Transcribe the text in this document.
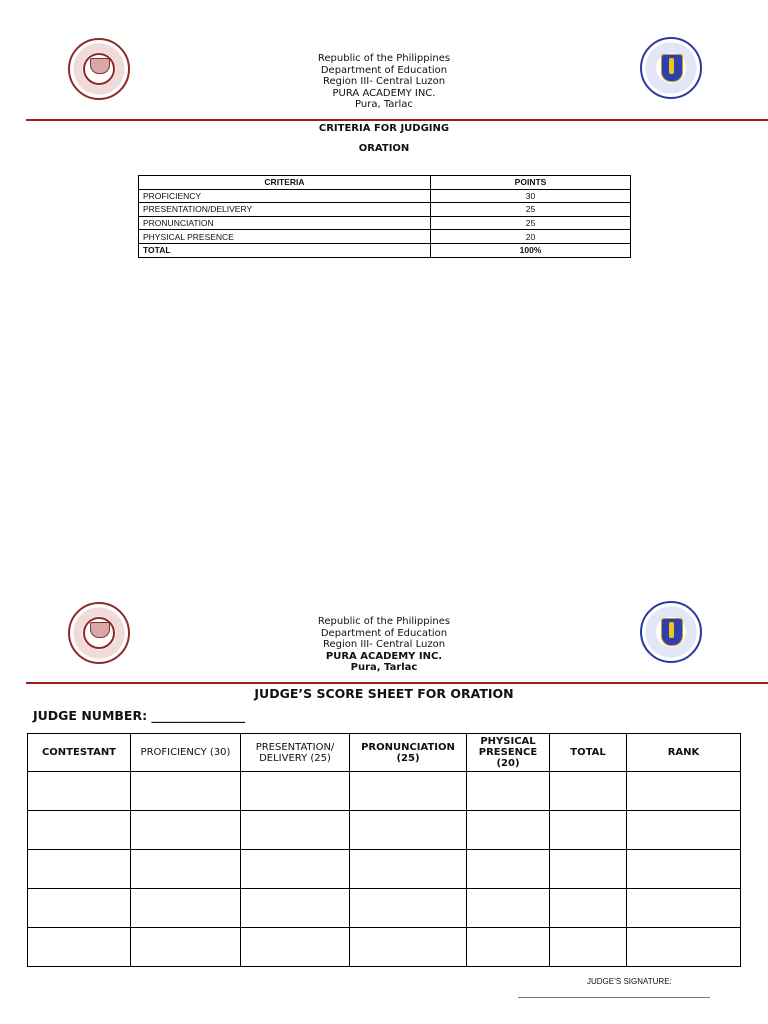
Republic of the Philippines
Department of Education
Region III- Central Luzon
PURA ACADEMY INC.
Pura, Tarlac
CRITERIA FOR JUDGING
ORATION
CRITERIA	POINTS
PROFICIENCY	30
PRESENTATION/DELIVERY	25
PRONUNCIATION	25
PHYSICAL PRESENCE	20
TOTAL	100%
Republic of the Philippines
Department of Education
Region III- Central Luzon
PURA ACADEMY INC.
Pura, Tarlac
JUDGE’S SCORE SHEET FOR ORATION
JUDGE NUMBER: _______________
CONTESTANT	PROFICIENCY (30)	PRESENTATION/ DELIVERY (25)	PRONUNCIATION (25)	PHYSICAL PRESENCE (20)	TOTAL	RANK

JUDGE’S SIGNATURE:
